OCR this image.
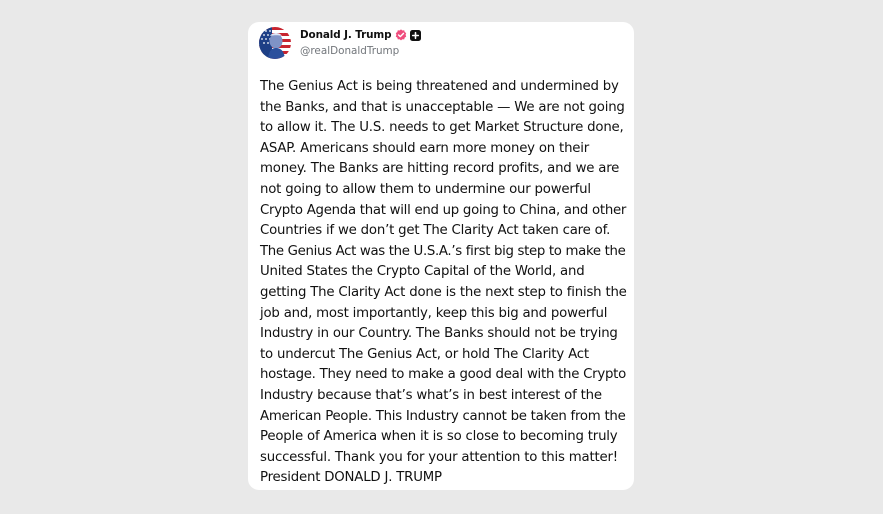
Donald J. Trump
@realDonaldTrump

The Genius Act is being threatened and undermined by
the Banks, and that is unacceptable — We are not going
to allow it. The U.S. needs to get Market Structure done,
ASAP. Americans should earn more money on their
money. The Banks are hitting record profits, and we are
not going to allow them to undermine our powerful
Crypto Agenda that will end up going to China, and other
Countries if we don’t get The Clarity Act taken care of.
The Genius Act was the U.S.A.’s first big step to make the
United States the Crypto Capital of the World, and
getting The Clarity Act done is the next step to finish the
job and, most importantly, keep this big and powerful
Industry in our Country. The Banks should not be trying
to undercut The Genius Act, or hold The Clarity Act
hostage. They need to make a good deal with the Crypto
Industry because that’s what’s in best interest of the
American People. This Industry cannot be taken from the
People of America when it is so close to becoming truly
successful. Thank you for your attention to this matter!
President DONALD J. TRUMP
